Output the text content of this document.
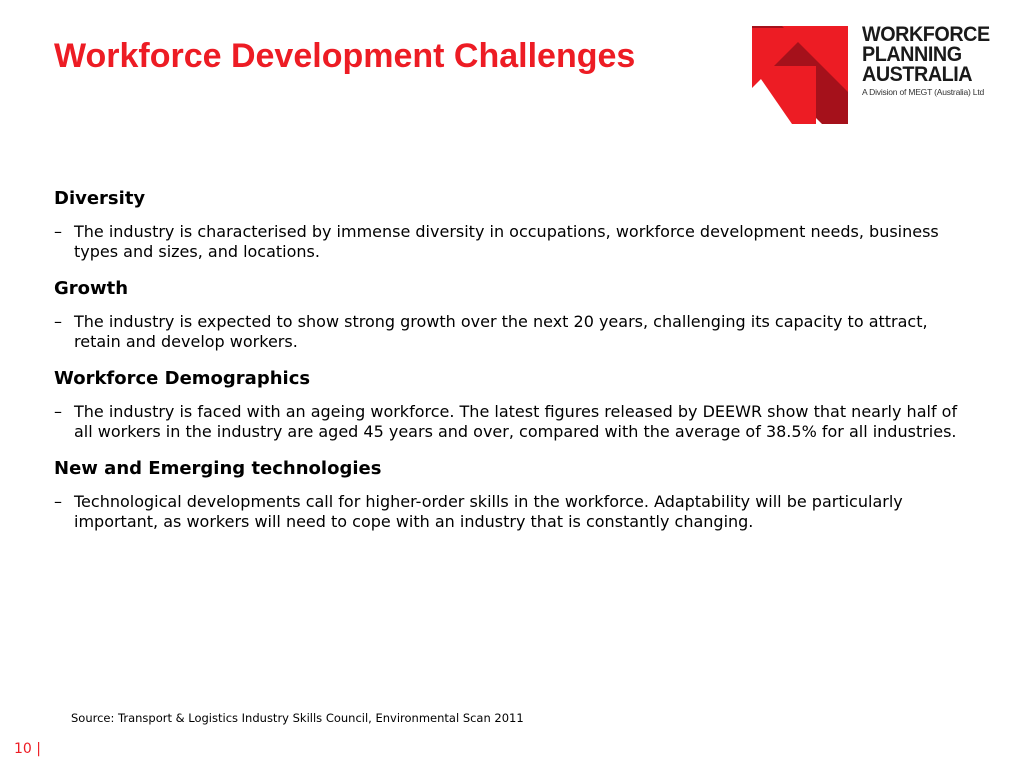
Workforce Development Challenges
WORKFORCE
PLANNING
AUSTRALIA
A Division of MEGT (Australia) Ltd
Diversity

– The industry is characterised by immense diversity in occupations, workforce development needs, business types and sizes, and locations.

Growth

– The industry is expected to show strong growth over the next 20 years, challenging its capacity to attract, retain and develop workers.

Workforce Demographics

– The industry is faced with an ageing workforce. The latest figures released by DEEWR show that nearly half of all workers in the industry are aged 45 years and over, compared with the average of 38.5% for all industries.

New and Emerging technologies

– Technological developments call for higher-order skills in the workforce. Adaptability will be particularly important, as workers will need to cope with an industry that is constantly changing.

Source: Transport & Logistics Industry Skills Council, Environmental Scan 2011
10 |
